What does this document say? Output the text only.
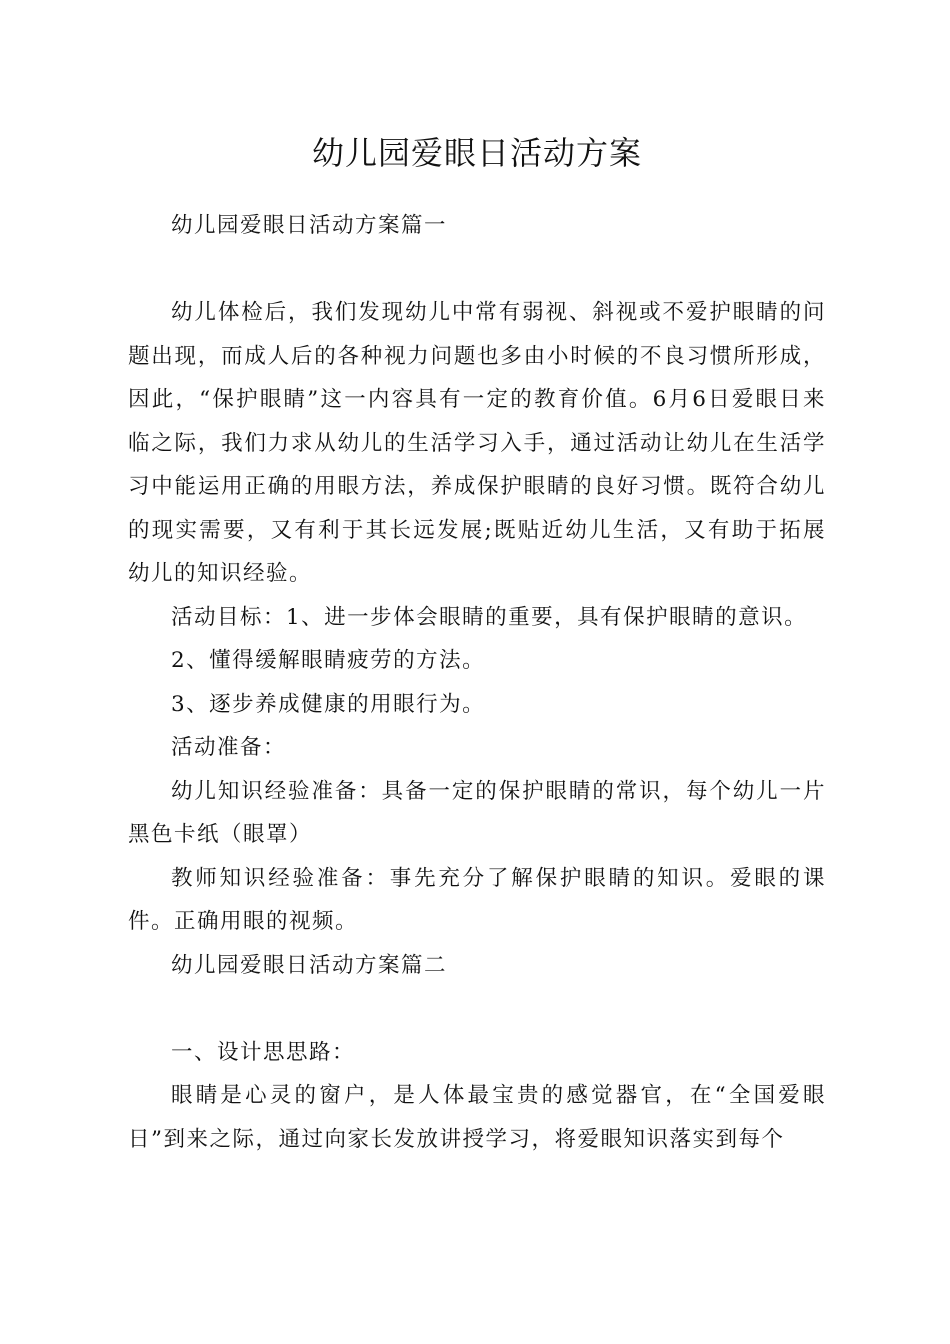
幼儿园爱眼日活动方案

幼儿园爱眼日活动方案篇一

幼儿体检后，我们发现幼儿中常有弱视、斜视或不爱护眼睛的问题出现，而成人后的各种视力问题也多由小时候的不良习惯所形成，因此，“保护眼睛”这一内容具有一定的教育价值。6月6日爱眼日来临之际，我们力求从幼儿的生活学习入手，通过活动让幼儿在生活学习中能运用正确的用眼方法，养成保护眼睛的良好习惯。既符合幼儿的现实需要，又有利于其长远发展;既贴近幼儿生活，又有助于拓展幼儿的知识经验。

活动目标：1、进一步体会眼睛的重要，具有保护眼睛的意识。

2、懂得缓解眼睛疲劳的方法。

3、逐步养成健康的用眼行为。

活动准备：

幼儿知识经验准备：具备一定的保护眼睛的常识，每个幼儿一片黑色卡纸（眼罩）

教师知识经验准备：事先充分了解保护眼睛的知识。爱眼的课件。正确用眼的视频。

幼儿园爱眼日活动方案篇二

一、设计思思路：

眼睛是心灵的窗户，是人体最宝贵的感觉器官，在“全国爱眼日”到来之际，通过向家长发放讲授学习，将爱眼知识落实到每个
